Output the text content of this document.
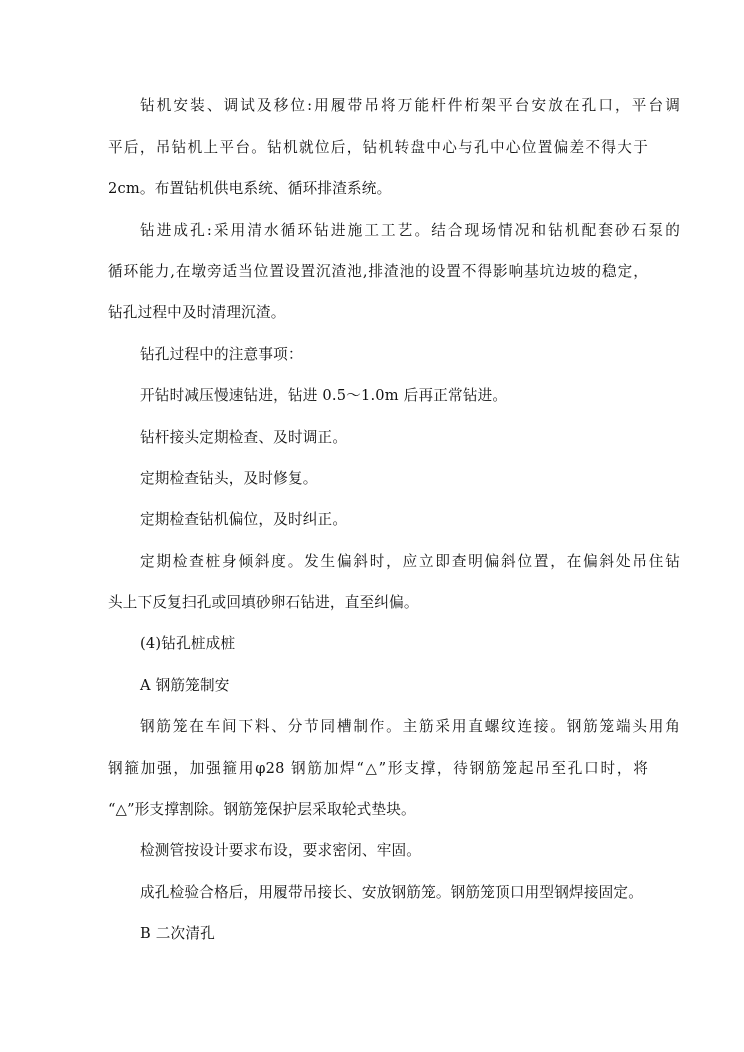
钻机安装、调试及移位:用履带吊将万能杆件桁架平台安放在孔口，平台调
平后，吊钻机上平台。钻机就位后，钻机转盘中心与孔中心位置偏差不得大于
2cm。布置钻机供电系统、循环排渣系统。
钻进成孔:采用清水循环钻进施工工艺。结合现场情况和钻机配套砂石泵的
循环能力,在墩旁适当位置设置沉渣池,排渣池的设置不得影响基坑边坡的稳定，
钻孔过程中及时清理沉渣。
钻孔过程中的注意事项：
开钻时减压慢速钻进，钻进 0.5～1.0m 后再正常钻进。
钻杆接头定期检查、及时调正。
定期检查钻头，及时修复。
定期检查钻机偏位，及时纠正。
定期检查桩身倾斜度。发生偏斜时，应立即查明偏斜位置，在偏斜处吊住钻
头上下反复扫孔或回填砂卵石钻进，直至纠偏。
(4)钻孔桩成桩
A 钢筋笼制安
钢筋笼在车间下料、分节同槽制作。主筋采用直螺纹连接。钢筋笼端头用角
钢箍加强，加强箍用φ28 钢筋加焊“△”形支撑，待钢筋笼起吊至孔口时，将
“△”形支撑割除。钢筋笼保护层采取轮式垫块。
检测管按设计要求布设，要求密闭、牢固。
成孔检验合格后，用履带吊接长、安放钢筋笼。钢筋笼顶口用型钢焊接固定。
B 二次清孔
